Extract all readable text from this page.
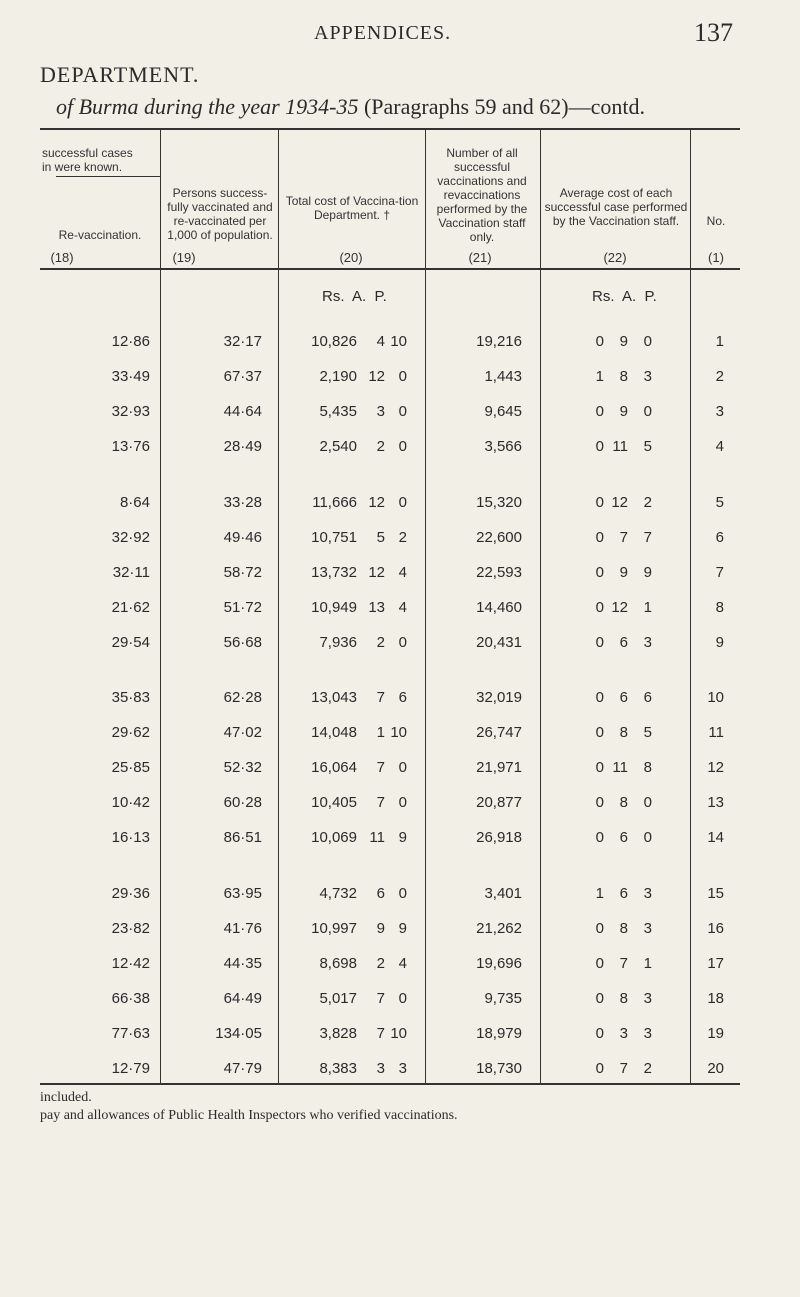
APPENDICES.	137
DEPARTMENT.
of Burma during the year 1934-35 (Paragraphs 59 and 62)—contd.
successful cases in were known.
Re-vaccination.
Persons success-fully vaccinated and re-vaccinated per 1,000 of population.
Total cost of Vaccina-tion Department. †
Number of all successful vaccinations and revaccinations performed by the Vaccination staff only.
Average cost of each successful case performed by the Vaccination staff.	No.
(18)	(19)	(20)	(21)	(22)	(1)
Rs.  A.  P.	Rs.  A.  P.
12·86	32·17	10,826 4 10	19,216	0 9 0	1
33·49	67·37	2,190 12 0	1,443	1 8 3	2
32·93	44·64	5,435 3 0	9,645	0 9 0	3
13·76	28·49	2,540 2 0	3,566	0 11 5	4
8·64	33·28	11,666 12 0	15,320	0 12 2	5
32·92	49·46	10,751 5 2	22,600	0 7 7	6
32·11	58·72	13,732 12 4	22,593	0 9 9	7
21·62	51·72	10,949 13 4	14,460	0 12 1	8
29·54	56·68	7,936 2 0	20,431	0 6 3	9
35·83	62·28	13,043 7 6	32,019	0 6 6	10
29·62	47·02	14,048 1 10	26,747	0 8 5	11
25·85	52·32	16,064 7 0	21,971	0 11 8	12
10·42	60·28	10,405 7 0	20,877	0 8 0	13
16·13	86·51	10,069 11 9	26,918	0 6 0	14
29·36	63·95	4,732 6 0	3,401	1 6 3	15
23·82	41·76	10,997 9 9	21,262	0 8 3	16
12·42	44·35	8,698 2 4	19,696	0 7 1	17
66·38	64·49	5,017 7 0	9,735	0 8 3	18
77·63	134·05	3,828 7 10	18,979	0 3 3	19
12·79	47·79	8,383 3 3	18,730	0 7 2	20
included.
pay and allowances of Public Health Inspectors who verified vaccinations.
